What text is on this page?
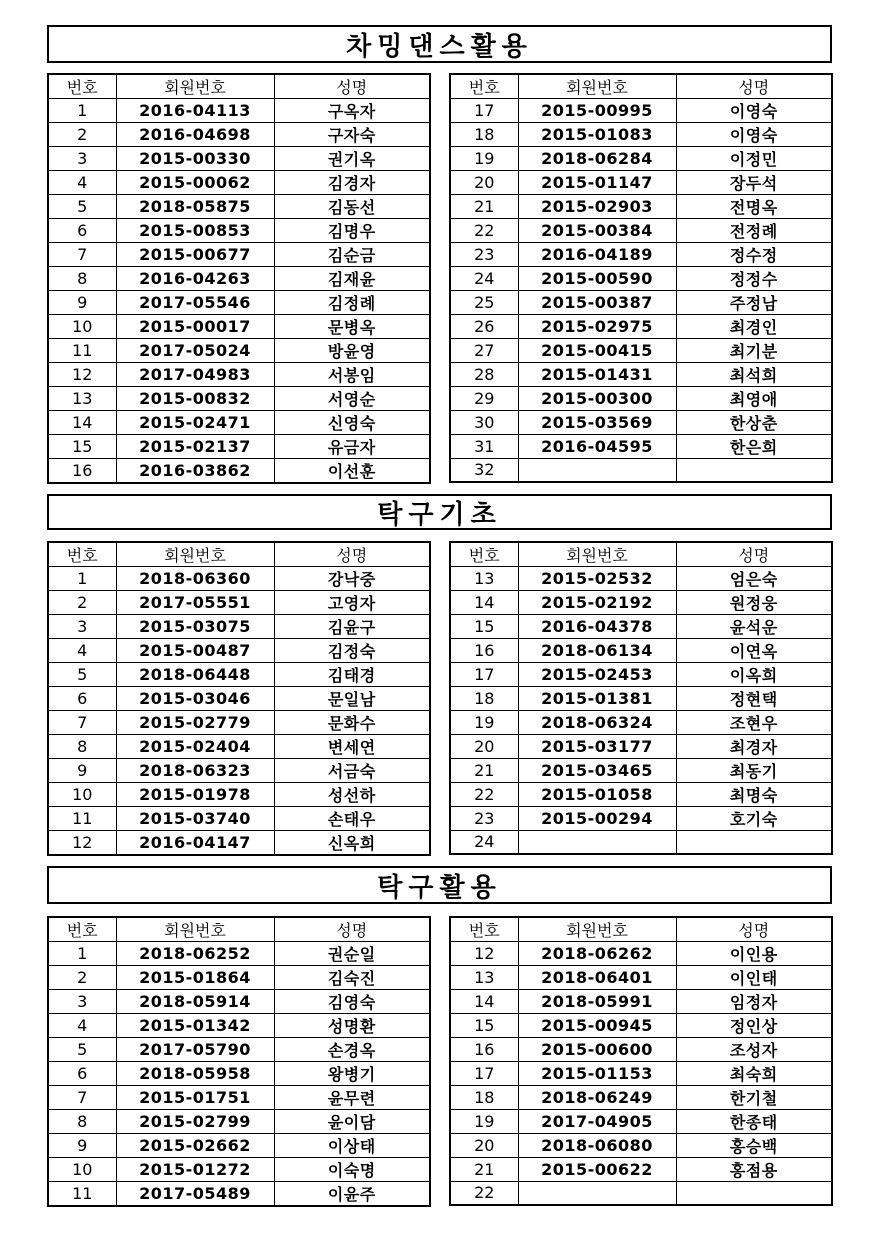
차밍댄스활용
탁구기초
탁구활용
번호	회원번호	성명
1	2016-04113	구옥자
2	2016-04698	구자숙
3	2015-00330	권기옥
4	2015-00062	김경자
5	2018-05875	김동선
6	2015-00853	김명우
7	2015-00677	김순금
8	2016-04263	김재윤
9	2017-05546	김정례
10	2015-00017	문병옥
11	2017-05024	방윤영
12	2017-04983	서봉임
13	2015-00832	서영순
14	2015-02471	신영숙
15	2015-02137	유금자
16	2016-03862	이선훈
번호	회원번호	성명
17	2015-00995	이영숙
18	2015-01083	이영숙
19	2018-06284	이정민
20	2015-01147	장두석
21	2015-02903	전명옥
22	2015-00384	전정례
23	2016-04189	정수정
24	2015-00590	정정수
25	2015-00387	주정남
26	2015-02975	최경인
27	2015-00415	최기분
28	2015-01431	최석희
29	2015-00300	최영애
30	2015-03569	한상춘
31	2016-04595	한은희
32		
번호	회원번호	성명
1	2018-06360	강낙중
2	2017-05551	고영자
3	2015-03075	김윤구
4	2015-00487	김정숙
5	2018-06448	김태경
6	2015-03046	문일남
7	2015-02779	문화수
8	2015-02404	변세연
9	2018-06323	서금숙
10	2015-01978	성선하
11	2015-03740	손태우
12	2016-04147	신옥희
번호	회원번호	성명
13	2015-02532	엄은숙
14	2015-02192	원정웅
15	2016-04378	윤석운
16	2018-06134	이연옥
17	2015-02453	이옥희
18	2015-01381	정현택
19	2018-06324	조현우
20	2015-03177	최경자
21	2015-03465	최동기
22	2015-01058	최명숙
23	2015-00294	호기숙
24		
번호	회원번호	성명
1	2018-06252	권순일
2	2015-01864	김숙진
3	2018-05914	김영숙
4	2015-01342	성명환
5	2017-05790	손경옥
6	2018-05958	왕병기
7	2015-01751	윤무련
8	2015-02799	윤이담
9	2015-02662	이상태
10	2015-01272	이숙명
11	2017-05489	이윤주
번호	회원번호	성명
12	2018-06262	이인용
13	2018-06401	이인태
14	2018-05991	임정자
15	2015-00945	정인상
16	2015-00600	조성자
17	2015-01153	최숙희
18	2018-06249	한기철
19	2017-04905	한종태
20	2018-06080	홍승백
21	2015-00622	홍점용
22		
